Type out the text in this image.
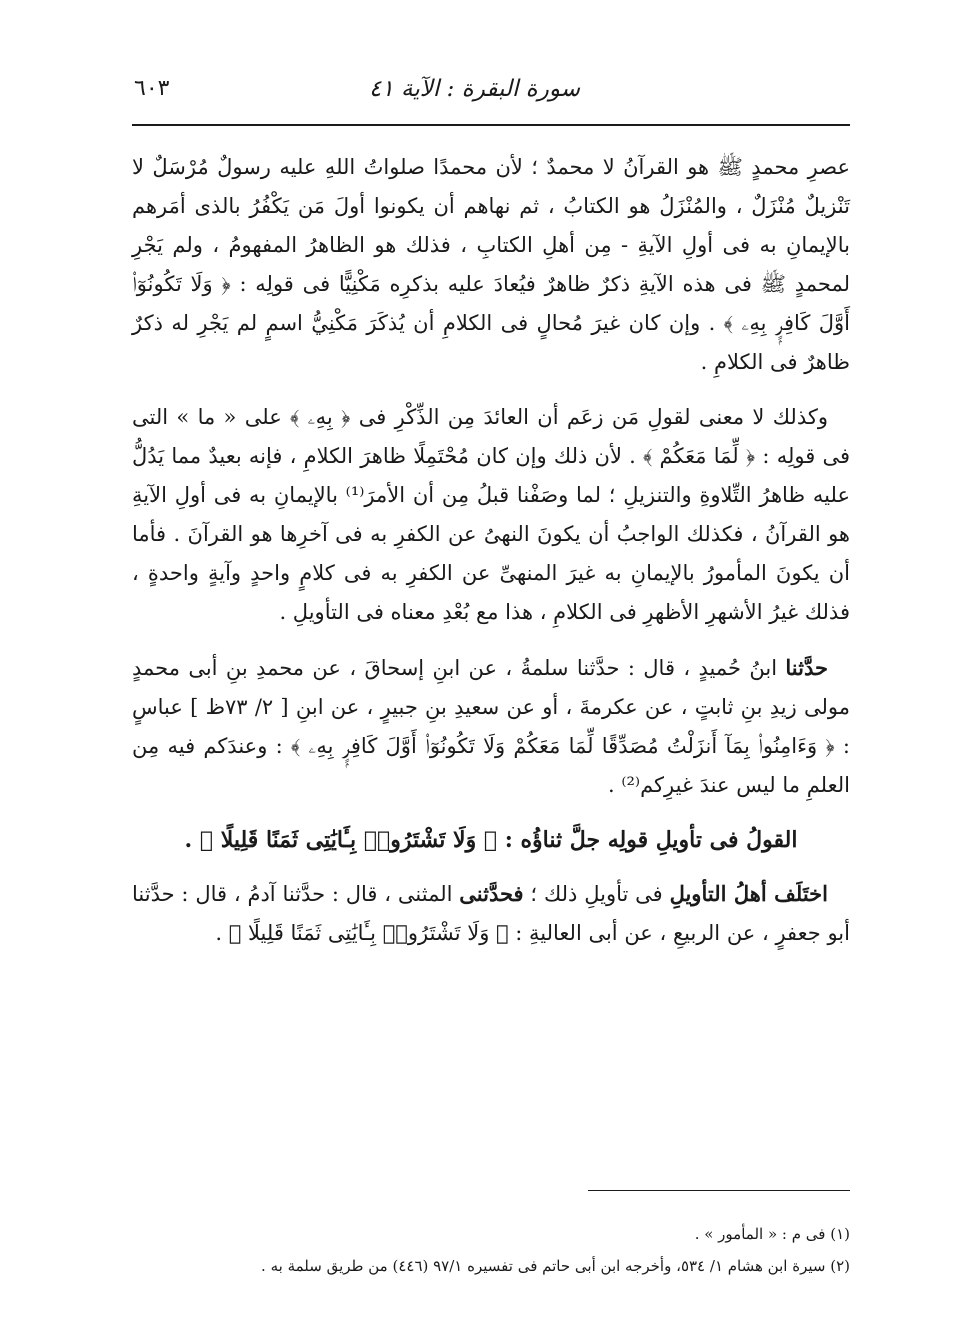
سورة البقرة : الآية ٤١
٦٠٣

عصرِ محمدٍ ﷺ هو القرآنُ لا محمدٌ ؛ لأن محمدًا صلواتُ اللهِ عليه رسولٌ مُرْسَلٌ لا تَنْزيلٌ مُنْزَلٌ ، والمُنْزَلُ هو الكتابُ ، ثم نهاهم أن يكونوا أولَ مَن يَكْفُرُ بالذى أمَرهم بالإيمانِ به فى أولِ الآيةِ - مِن أهلِ الكتابِ ، فذلك هو الظاهرُ المفهومُ ، ولم يَجْرِ لمحمدٍ ﷺ فى هذه الآيةِ ذكرٌ ظاهرٌ فيُعادَ عليه بذكرِه مَكْنِيًّا فى قولِه : ﴿ وَلَا تَكُونُوٓا۟ أَوَّلَ كَافِرٍۭ بِهِۦ ﴾ . وإن كان غيرَ مُحالٍ فى الكلامِ أن يُذكَرَ مَكْنِيُّ اسمٍ لم يَجْرِ له ذكرٌ ظاهرٌ فى الكلامِ .

وكذلك لا معنى لقولِ مَن زعَم أن العائدَ مِن الذِّكْرِ فى ﴿ بِهِۦ ﴾ على « ما » التى فى قولِه : ﴿ لِّمَا مَعَكُمْ ﴾ . لأن ذلك وإن كان مُحْتَمِلًا ظاهرَ الكلامِ ، فإنه بعيدٌ مما يَدُلُّ عليه ظاهرُ التِّلاوةِ والتنزيلِ ؛ لما وصَفْنا قبلُ مِن أن الأمرَ⁽¹⁾ بالإيمانِ به فى أولِ الآيةِ هو القرآنُ ، فكذلك الواجبُ أن يكونَ النهىُ عن الكفرِ به فى آخرِها هو القرآنَ . فأما أن يكونَ المأمورُ بالإيمانِ به غيرَ المنهىِّ عن الكفرِ به فى كلامٍ واحدٍ وآيةٍ واحدةٍ ، فذلك غيرُ الأشهرِ الأظهرِ فى الكلامِ ، هذا مع بُعْدِ معناه فى التأويلِ .

حدَّثنا ابنُ حُميدٍ ، قال : حدَّثنا سلمةُ ، عن ابنِ إسحاقَ ، عن محمدِ بنِ أبى محمدٍ مولى زيدِ بنِ ثابتٍ ، عن عكرمةَ ، أو عن سعيدِ بنِ جبيرٍ ، عن ابنِ [ ٢/ ٧٣ظ ] عباسٍ : ﴿ وَءَامِنُوا۟ بِمَآ أَنزَلْتُ مُصَدِّقًا لِّمَا مَعَكُمْ وَلَا تَكُونُوٓا۟ أَوَّلَ كَافِرٍۭ بِهِۦ ﴾ : وعندَكم فيه مِن العلمِ ما ليس عندَ غيرِكم⁽²⁾ .

القولُ فى تأويلِ قولِه جلَّ ثناؤُه : ﴿ وَلَا تَشْتَرُوا۟ بِـَٔايَٰتِى ثَمَنًا قَلِيلًا ﴾ .

اختَلَف أهلُ التأويلِ فى تأويلِ ذلك ؛ فحدَّثنى المثنى ، قال : حدَّثنا آدمُ ، قال : حدَّثنا أبو جعفرٍ ، عن الربيعِ ، عن أبى العاليةِ : ﴿ وَلَا تَشْتَرُوا۟ بِـَٔايَٰتِى ثَمَنًا قَلِيلًا ﴾ .

(١) فى م : « المأمور » .
(٢) سيرة ابن هشام ١/ ٥٣٤، وأخرجه ابن أبى حاتم فى تفسيره ٩٧/١ (٤٤٦) من طريق سلمة به .
